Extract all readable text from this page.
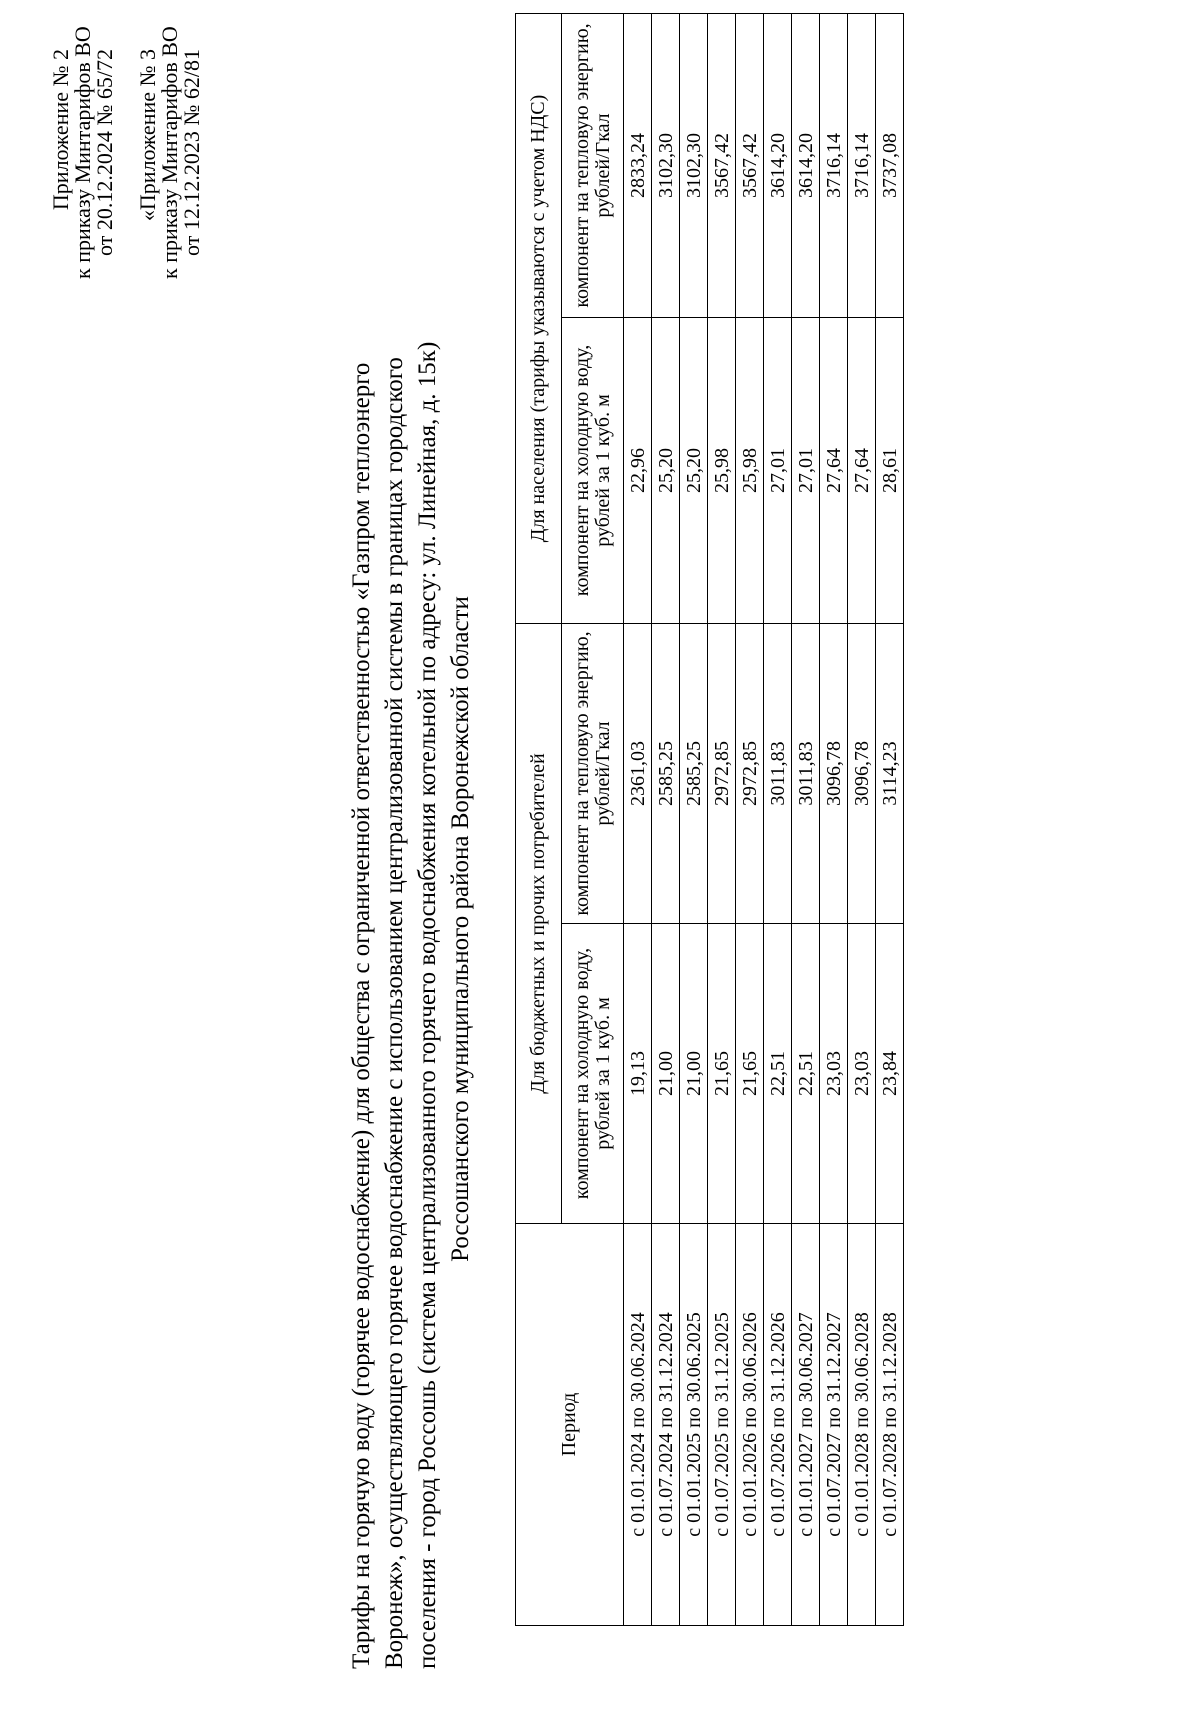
Приложение № 2
к приказу Минтарифов ВО
от 20.12.2024 № 65/72 «Приложение № 3
к приказу Минтарифов ВО
от 12.12.2023 № 62/81
Тарифы на горячую воду (горячее водоснабжение) для общества с ограниченной ответственностью «Газпром теплоэнерго Воронеж», осуществляющего горячее водоснабжение с использованием централизованной системы в границах городского поселения - город Россошь (система централизованного горячего водоснабжения котельной по адресу: ул. Линейная, д. 15к) Россошанского муниципального района Воронежской области
Период	Для бюджетных и прочих потребителей		Для населения (тарифы указываются с учетом НДС)	
	компонент на холодную воду, рублей за 1 куб. м	компонент на тепловую энергию, рублей/Гкал	компонент на холодную воду, рублей за 1 куб. м	компонент на тепловую энергию, рублей/Гкал
с 01.01.2024 по 30.06.2024	19,13	2361,03	22,96	2833,24
с 01.07.2024 по 31.12.2024	21,00	2585,25	25,20	3102,30
с 01.01.2025 по 30.06.2025	21,00	2585,25	25,20	3102,30
с 01.07.2025 по 31.12.2025	21,65	2972,85	25,98	3567,42
с 01.01.2026 по 30.06.2026	21,65	2972,85	25,98	3567,42
с 01.07.2026 по 31.12.2026	22,51	3011,83	27,01	3614,20
с 01.01.2027 по 30.06.2027	22,51	3011,83	27,01	3614,20
с 01.07.2027 по 31.12.2027	23,03	3096,78	27,64	3716,14
с 01.01.2028 по 30.06.2028	23,03	3096,78	27,64	3716,14
с 01.07.2028 по 31.12.2028	23,84	3114,23	28,61	3737,08
